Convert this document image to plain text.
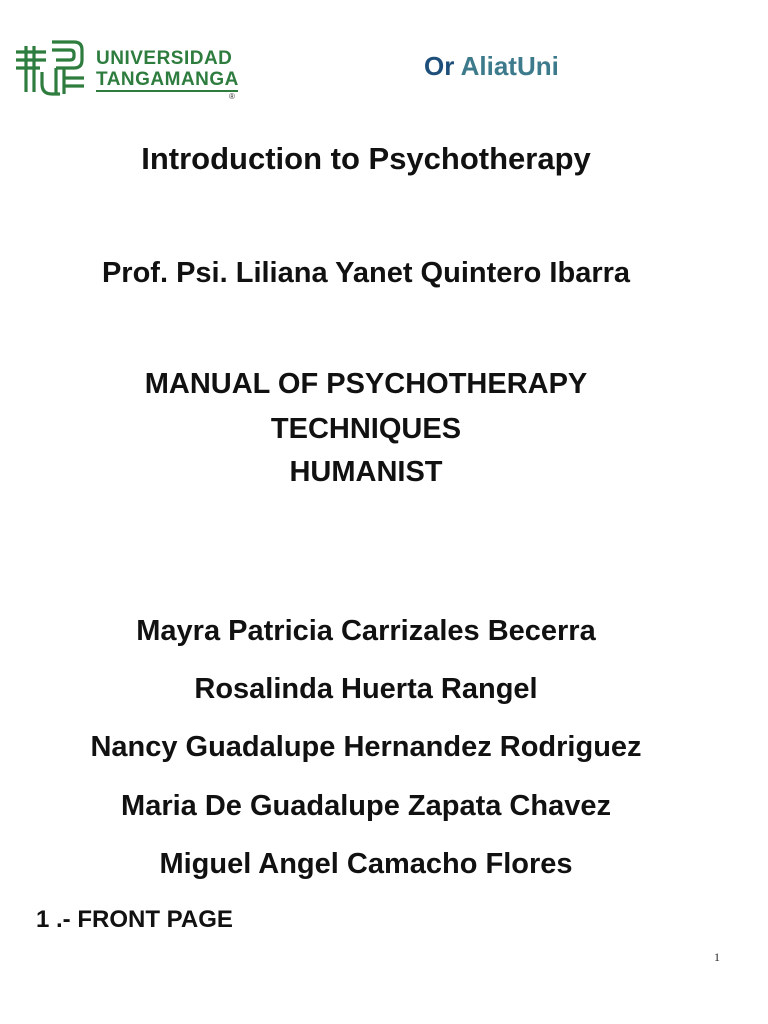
UNIVERSIDAD
TANGAMANGA
®
Or AliatUni
Introduction to Psychotherapy
Prof. Psi. Liliana Yanet Quintero Ibarra
MANUAL OF PSYCHOTHERAPY
TECHNIQUES
HUMANIST
Mayra Patricia Carrizales Becerra
Rosalinda Huerta Rangel
Nancy Guadalupe Hernandez Rodriguez
Maria De Guadalupe Zapata Chavez
Miguel Angel Camacho Flores
1 .- FRONT PAGE
1
